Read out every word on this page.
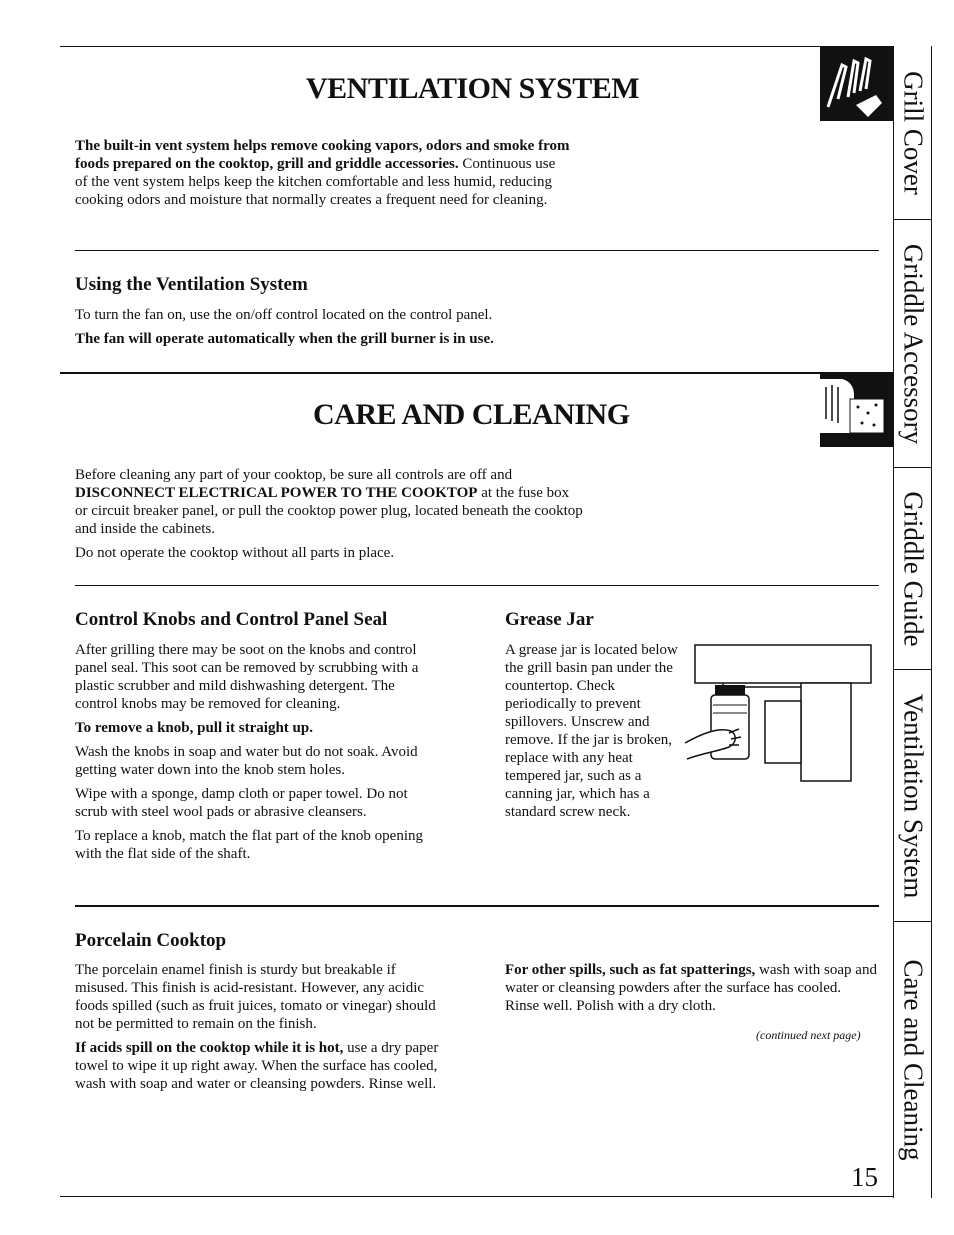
VENTILATION SYSTEM

The built-in vent system helps remove cooking vapors, odors and smoke from foods prepared on the cooktop, grill and griddle accessories. Continuous use of the vent system helps keep the kitchen comfortable and less humid, reducing cooking odors and moisture that normally creates a frequent need for cleaning.

Using the Ventilation System

To turn the fan on, use the on/off control located on the control panel.

The fan will operate automatically when the grill burner is in use.

CARE AND CLEANING

Before cleaning any part of your cooktop, be sure all controls are off and DISCONNECT ELECTRICAL POWER TO THE COOKTOP at the fuse box or circuit breaker panel, or pull the cooktop power plug, located beneath the cooktop and inside the cabinets.

Do not operate the cooktop without all parts in place.

Control Knobs and Control Panel Seal

After grilling there may be soot on the knobs and control panel seal. This soot can be removed by scrubbing with a plastic scrubber and mild dishwashing detergent. The control knobs may be removed for cleaning.

To remove a knob, pull it straight up.

Wash the knobs in soap and water but do not soak. Avoid getting water down into the knob stem holes.

Wipe with a sponge, damp cloth or paper towel. Do not scrub with steel wool pads or abrasive cleansers.

To replace a knob, match the flat part of the knob opening with the flat side of the shaft.

Grease Jar

A grease jar is located below the grill basin pan under the countertop. Check periodically to prevent spillovers. Unscrew and remove. If the jar is broken, replace with any heat tempered jar, such as a canning jar, which has a standard screw neck.

Porcelain Cooktop

The porcelain enamel finish is sturdy but breakable if misused. This finish is acid-resistant. However, any acidic foods spilled (such as fruit juices, tomato or vinegar) should not be permitted to remain on the finish.

If acids spill on the cooktop while it is hot, use a dry paper towel to wipe it up right away. When the surface has cooled, wash with soap and water or cleansing powders. Rinse well.

For other spills, such as fat spatterings, wash with soap and water or cleansing powders after the surface has cooled. Rinse well. Polish with a dry cloth.

(continued next page)
15
Grill Cover
Griddle Accessory
Griddle Guide
Ventilation System
Care and Cleaning
